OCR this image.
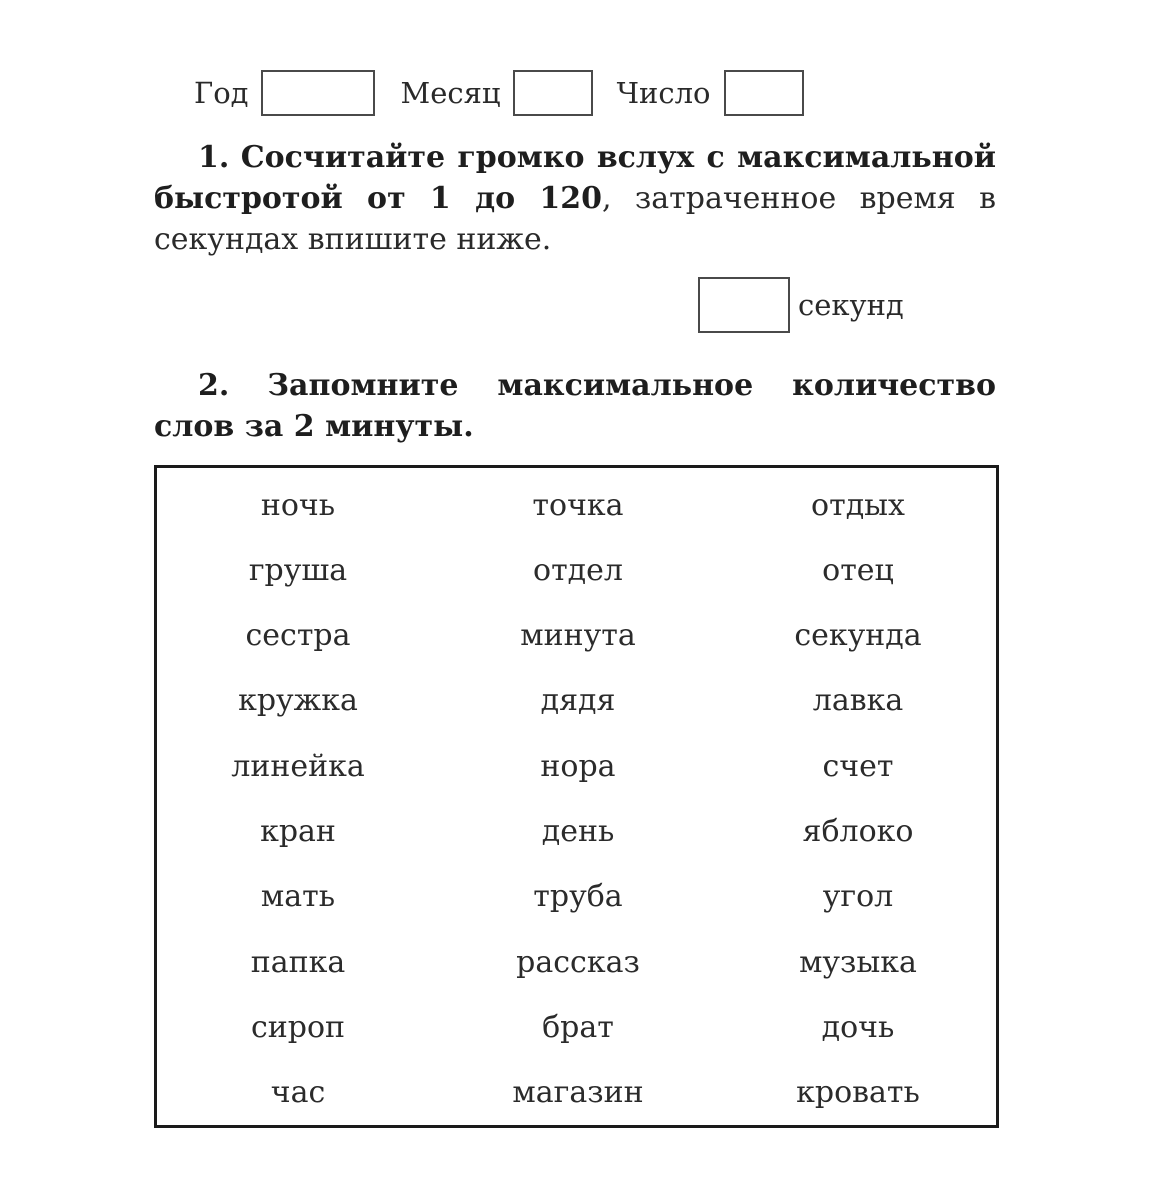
Год	Месяц	Число
1. Сосчитайте громко вслух с максимальной быстротой от 1 до 120, затраченное время в секундах впишите ниже.
секунд
2. Запомните максимальное количество слов за 2 минуты.
ночь	точка	отдых
груша	отдел	отец
сестра	минута	секунда
кружка	дядя	лавка
линейка	нора	счет
кран	день	яблоко
мать	труба	угол
папка	рассказ	музыка
сироп	брат	дочь
час	магазин	кровать
